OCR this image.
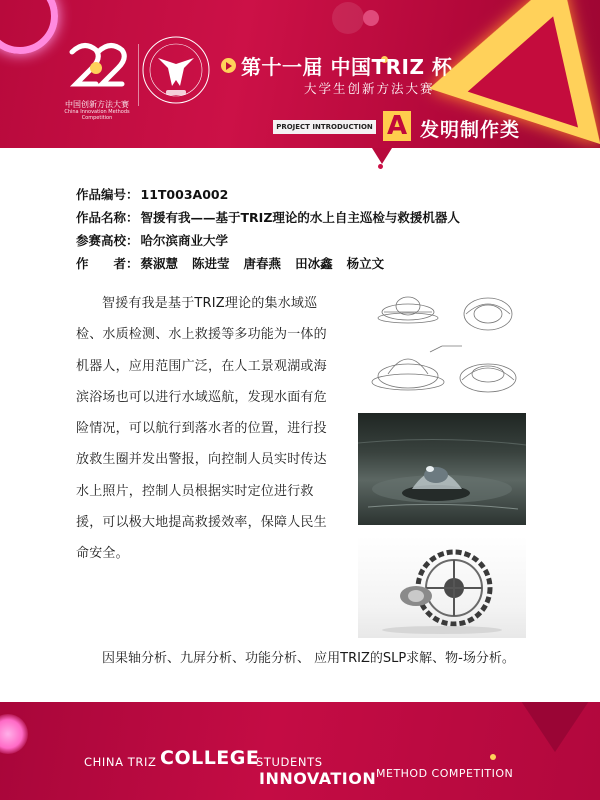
中国创新方法大赛
China Innovation Methods Competition
第十一届 中国TRIZ 杯
大学生创新方法大赛
PROJECT INTRODUCTION A 发明制作类
作品编号： 11T003A002
作品名称： 智援有我——基于TRIZ理论的水上自主巡检与救援机器人
参赛高校： 哈尔滨商业大学
作　　者： 蔡淑慧 陈进莹 唐春燕 田冰鑫 杨立文
智援有我是基于TRIZ理论的集水域巡检、水质检测、水上救援等多功能为一体的机器人，应用范围广泛，在人工景观湖或海滨浴场也可以进行水域巡航，发现水面有危险情况，可以航行到落水者的位置，进行投放救生圈并发出警报，向控制人员实时传达水上照片，控制人员根据实时定位进行救援，可以极大地提高救援效率，保障人民生命安全。
因果轴分析、九屏分析、功能分析、 应用TRIZ的SLP求解、物-场分析。
CHINA TRIZ COLLEGE
STUDENTS
INNOVATION METHOD COMPETITION
